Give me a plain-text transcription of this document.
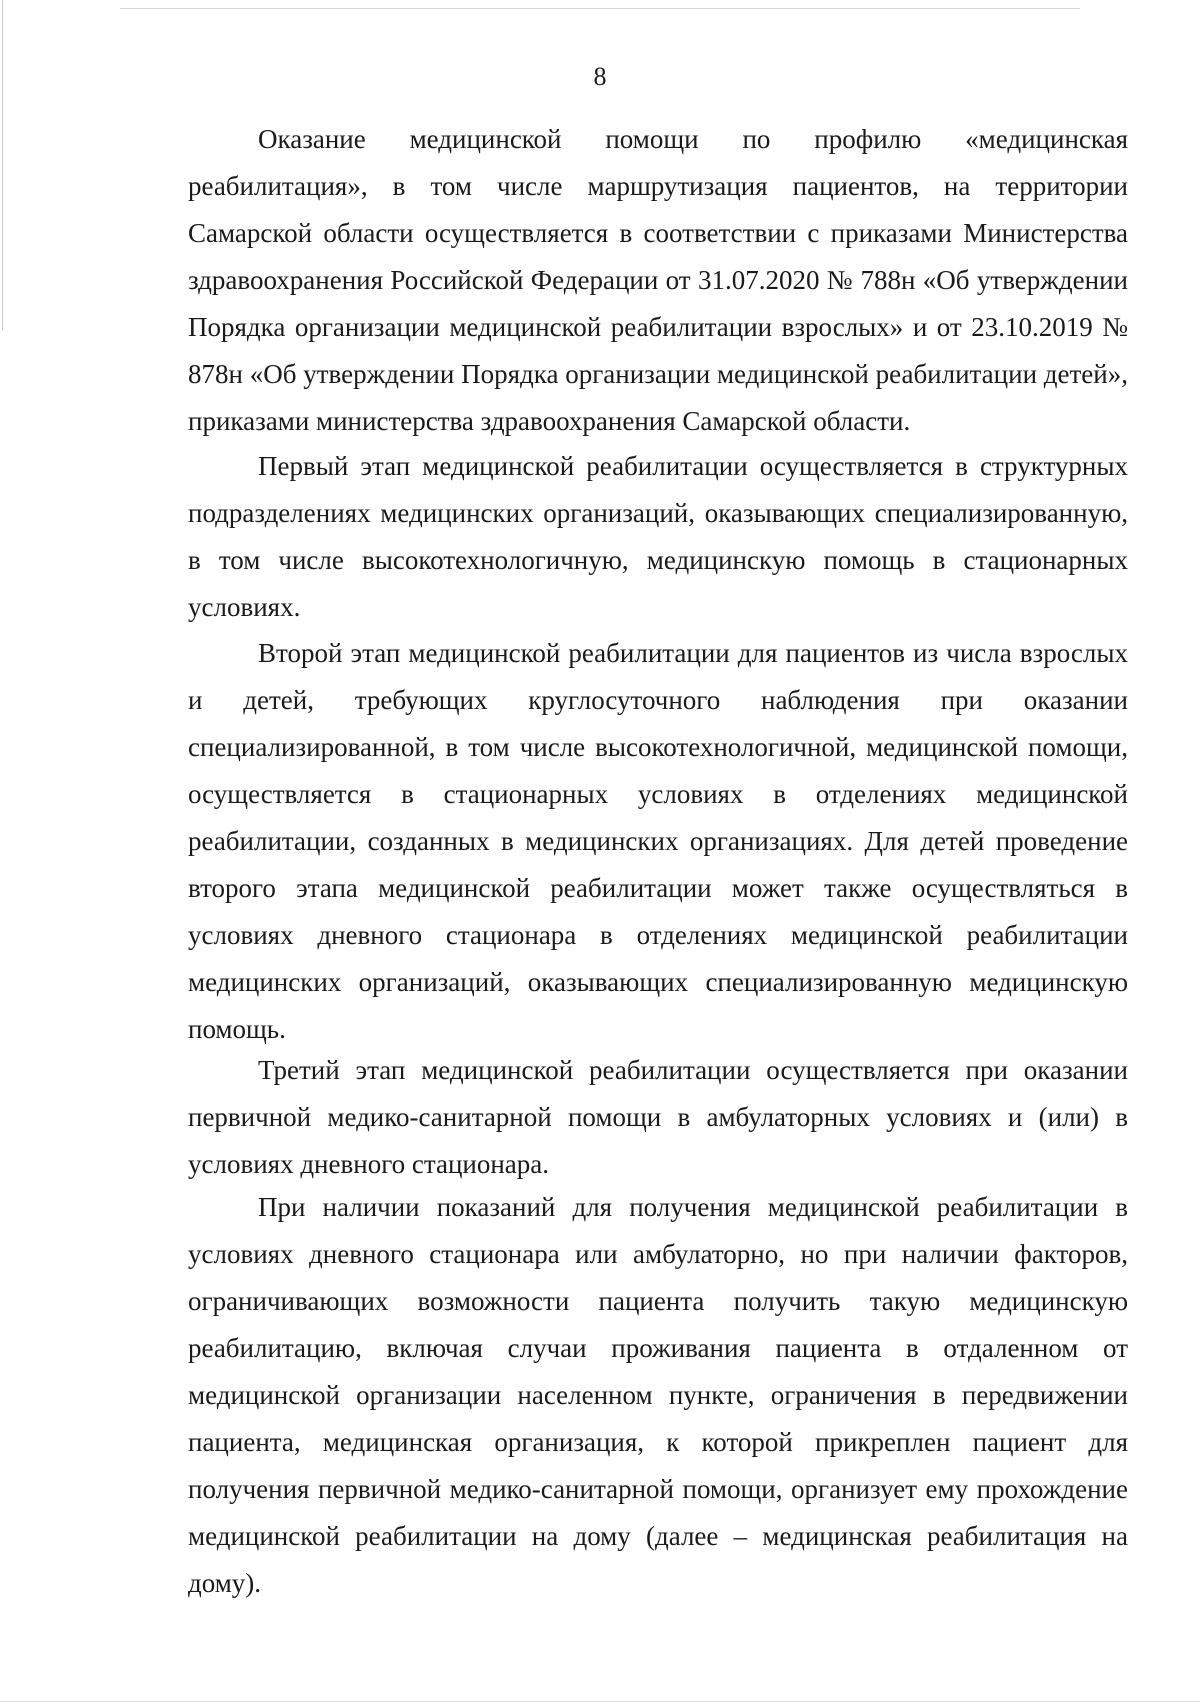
8

Оказание медицинской помощи по профилю «медицинская реабилитация», в том числе маршрутизация пациентов, на территории Самарской области осуществляется в соответствии с приказами Министерства здравоохранения Российской Федерации от 31.07.2020 № 788н «Об утверждении Порядка организации медицинской реабилитации взрослых» и от 23.10.2019 № 878н «Об утверждении Порядка организации медицинской реабилитации детей», приказами министерства здравоохранения Самарской области.

Первый этап медицинской реабилитации осуществляется в структурных подразделениях медицинских организаций, оказывающих специализированную, в том числе высокотехнологичную, медицинскую помощь в стационарных условиях.

Второй этап медицинской реабилитации для пациентов из числа взрослых и детей, требующих круглосуточного наблюдения при оказании специализированной, в том числе высокотехнологичной, медицинской помощи, осуществляется в стационарных условиях в отделениях медицинской реабилитации, созданных в медицинских организациях. Для детей проведение второго этапа медицинской реабилитации может также осуществляться в условиях дневного стационара в отделениях медицинской реабилитации медицинских организаций, оказывающих специализированную медицинскую помощь.

Третий этап медицинской реабилитации осуществляется при оказании первичной медико-санитарной помощи в амбулаторных условиях и (или) в условиях дневного стационара.

При наличии показаний для получения медицинской реабилитации в условиях дневного стационара или амбулаторно, но при наличии факторов, ограничивающих возможности пациента получить такую медицинскую реабилитацию, включая случаи проживания пациента в отдаленном от медицинской организации населенном пункте, ограничения в передвижении пациента, медицинская организация, к которой прикреплен пациент для получения первичной медико-санитарной помощи, организует ему прохождение медицинской реабилитации на дому (далее – медицинская реабилитация на дому).
